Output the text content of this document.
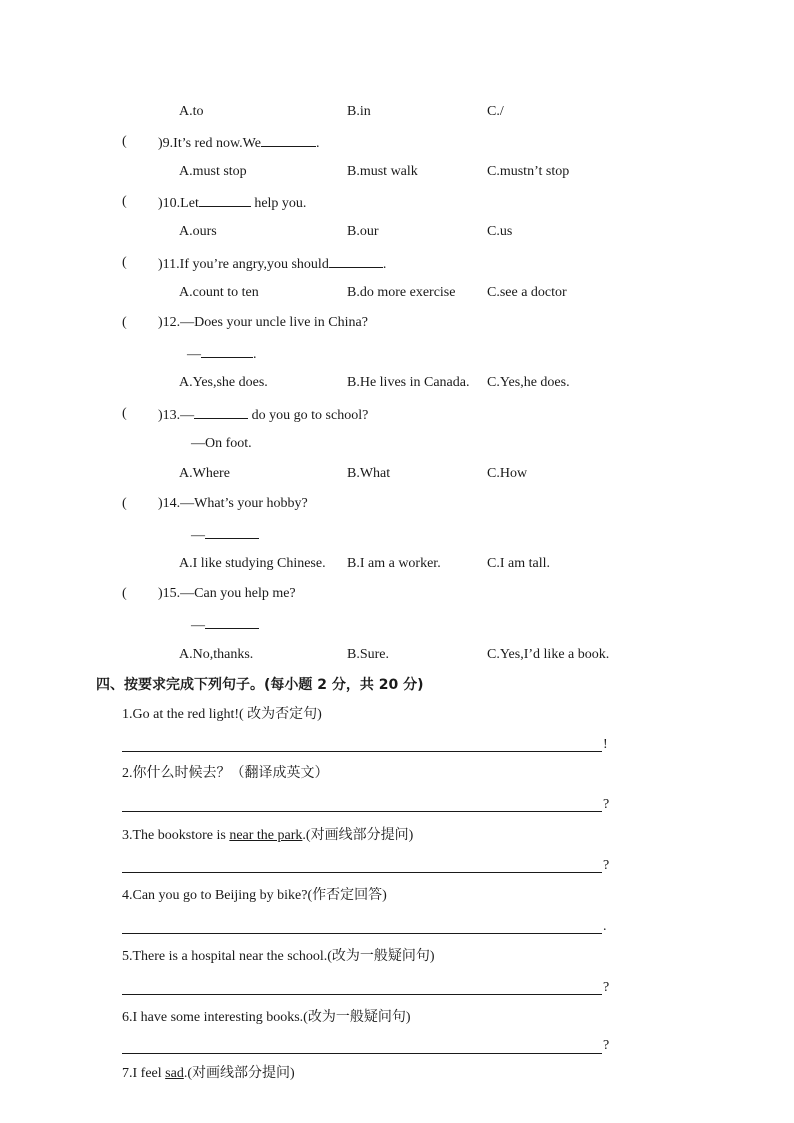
A.to	B.in	C./
( )9.It’s red now.We	.
A.must stop	B.must walk	C.mustn’t stop
( )10.Let	help you.
A.ours	B.our	C.us
( )11.If you’re angry,you should	.
A.count to ten	B.do more exercise C.see a doctor
( )12.—Does your uncle live in China?
—	.
A.Yes,she does.	B.He lives in Canada. C.Yes,he does.
( )13.—	do you go to school?
—On foot.
A.Where	B.What	C.How
( )14.—What’s your hobby?
—
A.I like studying Chinese. B.I am a worker.	C.I am tall.
( )15.—Can you help me?
—
A.No,thanks.	B.Sure.	C.Yes,I’d like a book.
四、按要求完成下列句子。(每小题 2 分，共 20 分)
1.Go at the red light!( 改为否定句)
!
2.你什么时候去？（翻译成英文）
?
3.The bookstore is near the park.(对画线部分提问)
?
4.Can you go to Beijing by bike?(作否定回答)
.
5.There is a hospital near the school.(改为一般疑问句)
?
6.I have some interesting books.(改为一般疑问句)
?
7.I feel sad.(对画线部分提问)
